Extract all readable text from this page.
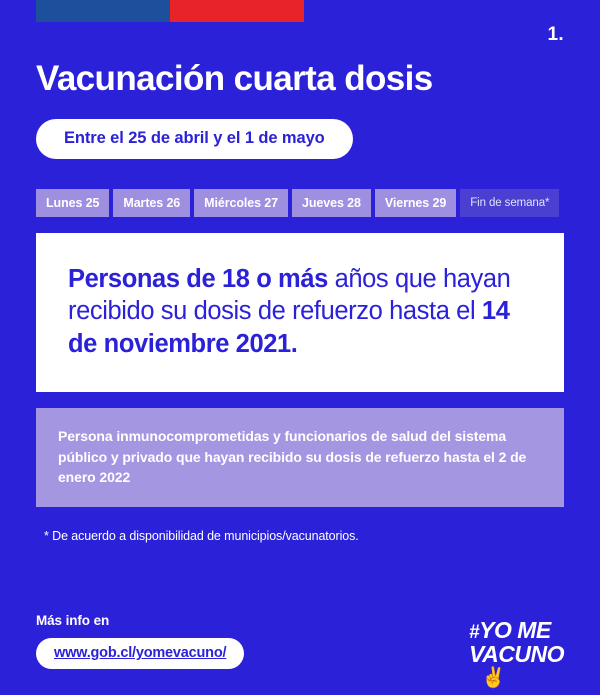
1.
Vacunación cuarta dosis
Entre el 25 de abril y el 1 de mayo
Lunes 25	Martes 26	Miércoles 27	Jueves 28	Viernes 29	Fin de semana*
Personas de 18 o más años que hayan recibido su dosis de refuerzo hasta el 14 de noviembre 2021.
Persona inmunocomprometidas y funcionarios de salud del sistema público y privado que hayan recibido su dosis de refuerzo hasta el 2 de enero 2022
* De acuerdo a disponibilidad de municipios/vacunatorios.
Más info en
www.gob.cl/yomevacuno/
#YO ME
VACUNO
✌
